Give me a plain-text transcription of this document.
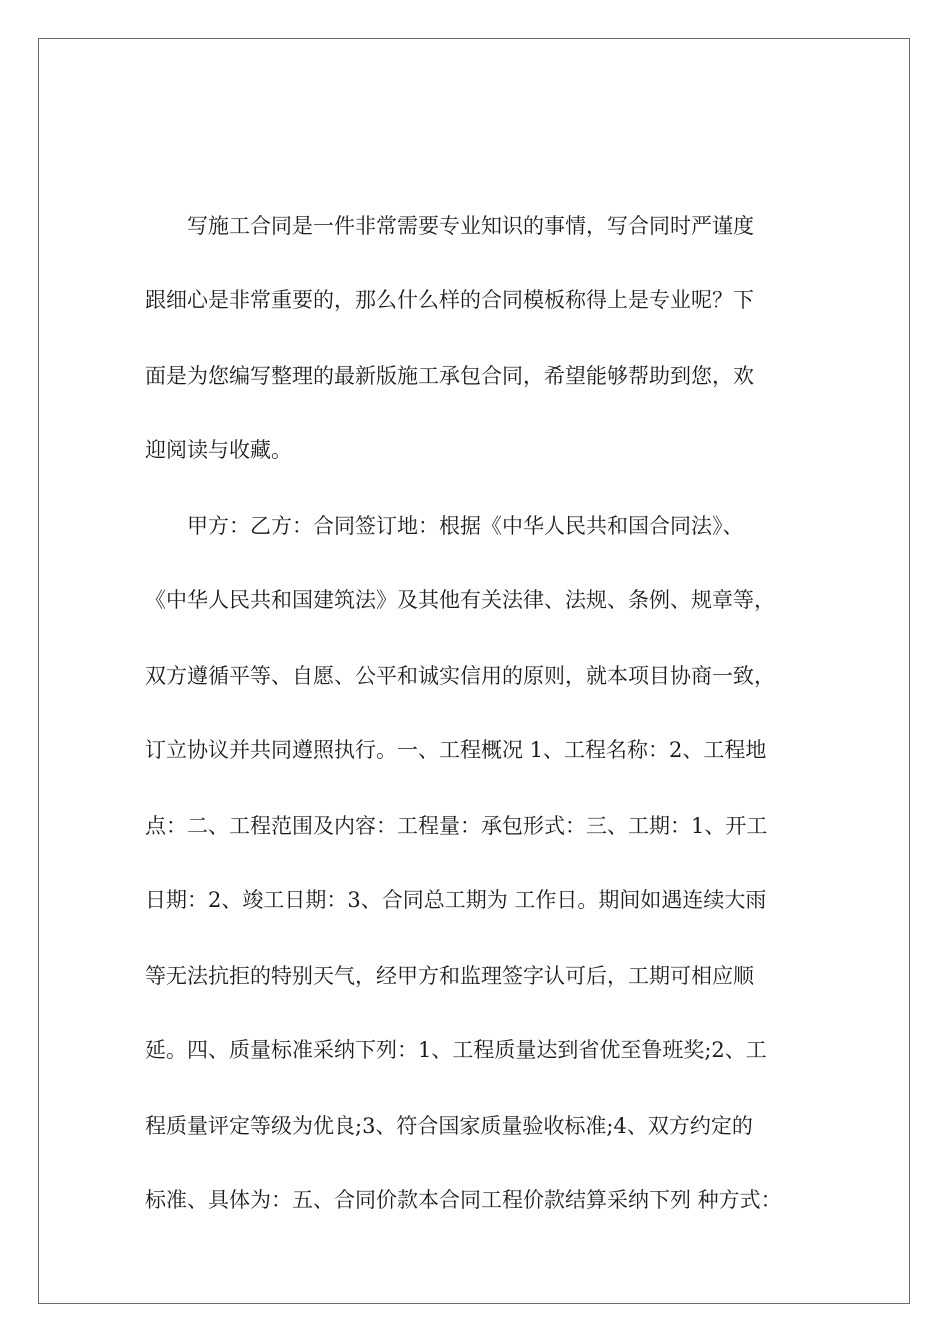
写施工合同是一件非常需要专业知识的事情，写合同时严谨度
跟细心是非常重要的，那么什么样的合同模板称得上是专业呢？下
面是为您编写整理的最新版施工承包合同，希望能够帮助到您，欢
迎阅读与收藏。
甲方：乙方：合同签订地：根据《中华人民共和国合同法》、
《中华人民共和国建筑法》及其他有关法律、法规、条例、规章等，
双方遵循平等、自愿、公平和诚实信用的原则，就本项目协商一致，
订立协议并共同遵照执行。一、工程概况 1、工程名称：2、工程地
点：二、工程范围及内容：工程量：承包形式：三、工期：1、开工
日期：2、竣工日期：3、合同总工期为 工作日。期间如遇连续大雨
等无法抗拒的特别天气，经甲方和监理签字认可后，工期可相应顺
延。四、质量标准采纳下列：1、工程质量达到省优至鲁班奖;2、工
程质量评定等级为优良;3、符合国家质量验收标准;4、双方约定的
标准、具体为：五、合同价款本合同工程价款结算采纳下列 种方式：
